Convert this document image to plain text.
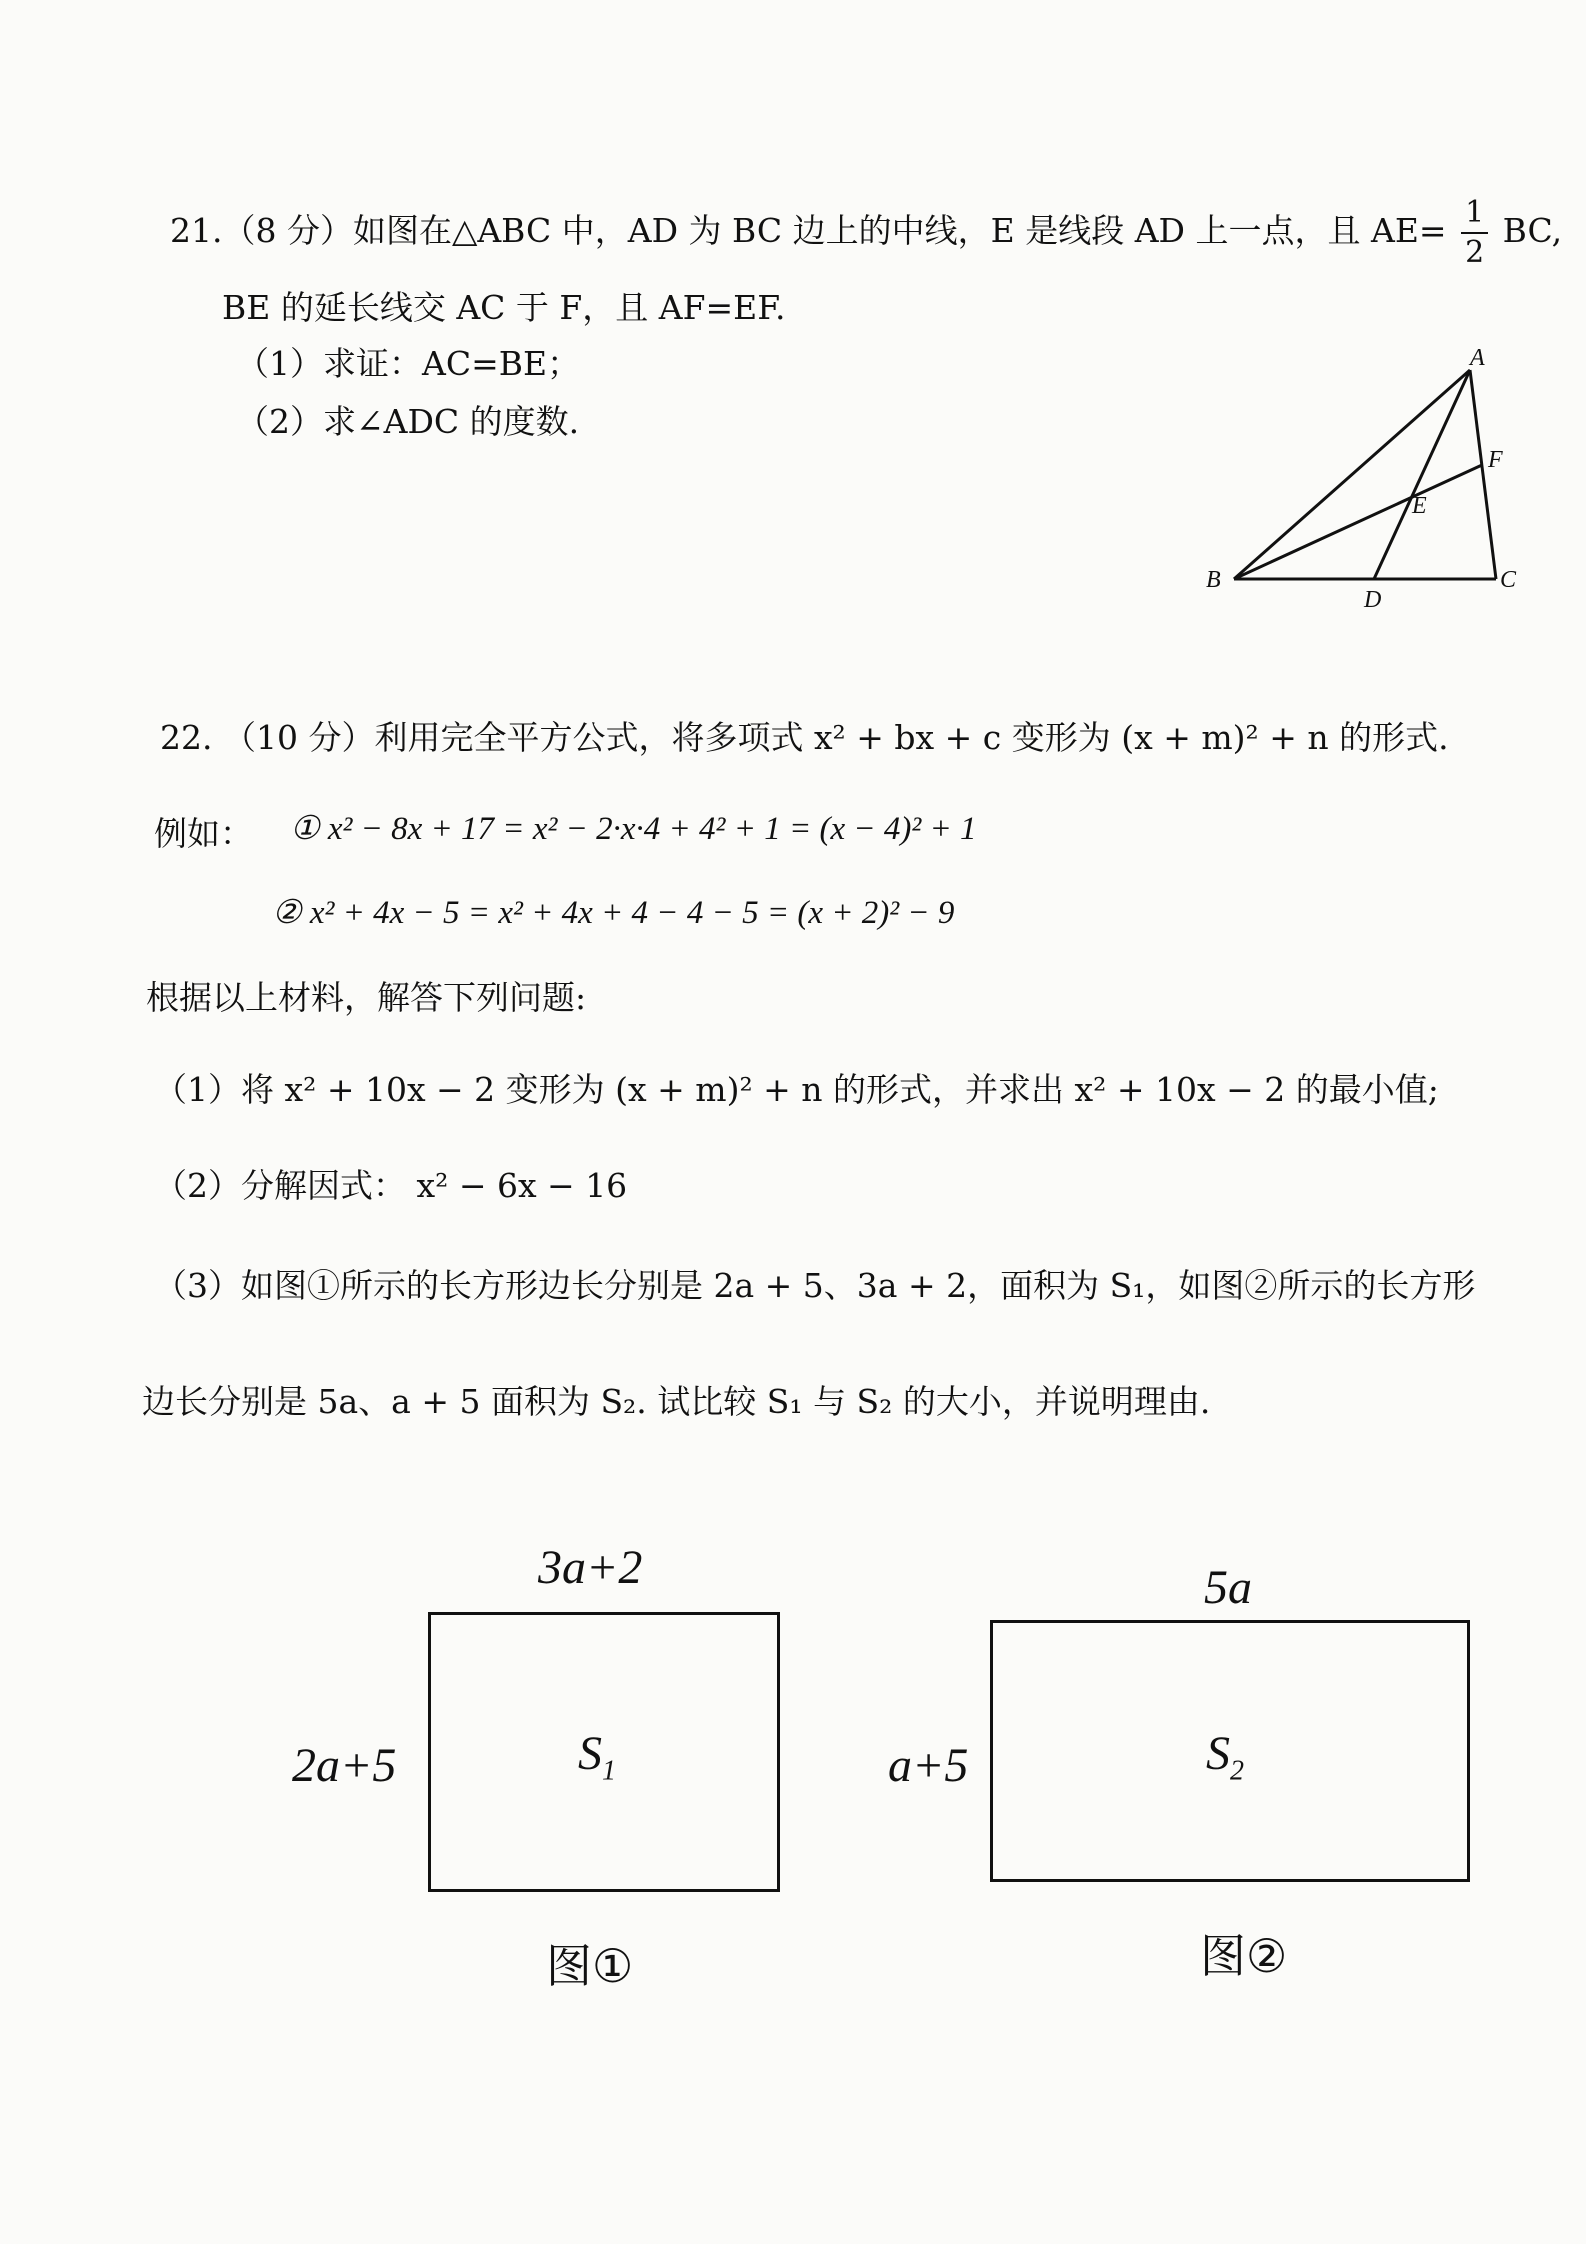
21.（8 分）如图在△ABC 中，AD 为 BC 边上的中线，E 是线段 AD 上一点，且 $AE= \frac{1}{2}$ BC,
BE 的延长线交 AC 于 F，且 AF=EF.
（1）求证：AC=BE；
（2）求∠ADC 的度数.
A
F
E
B
D
C
22. （10 分）利用完全平方公式，将多项式 x² + bx + c 变形为 (x + m)² + n 的形式.
例如： ① x² − 8x + 17 = x² − 2·x·4 + 4² + 1 = (x − 4)² + 1
② x² + 4x − 5 = x² + 4x + 4 − 4 − 5 = (x + 2)² − 9
根据以上材料，解答下列问题:
（1）将 x² + 10x − 2 变形为 (x + m)² + n 的形式，并求出 x² + 10x − 2 的最小值;
（2）分解因式： x² − 6x − 16
（3）如图①所示的长方形边长分别是 2a + 5、3a + 2，面积为 S₁，如图②所示的长方形
边长分别是 5a、a + 5 面积为 S₂. 试比较 S₁ 与 S₂ 的大小，并说明理由.
3a+2
2a+5	$S_1$
图①
5a
a+5	$S_2$
图②
